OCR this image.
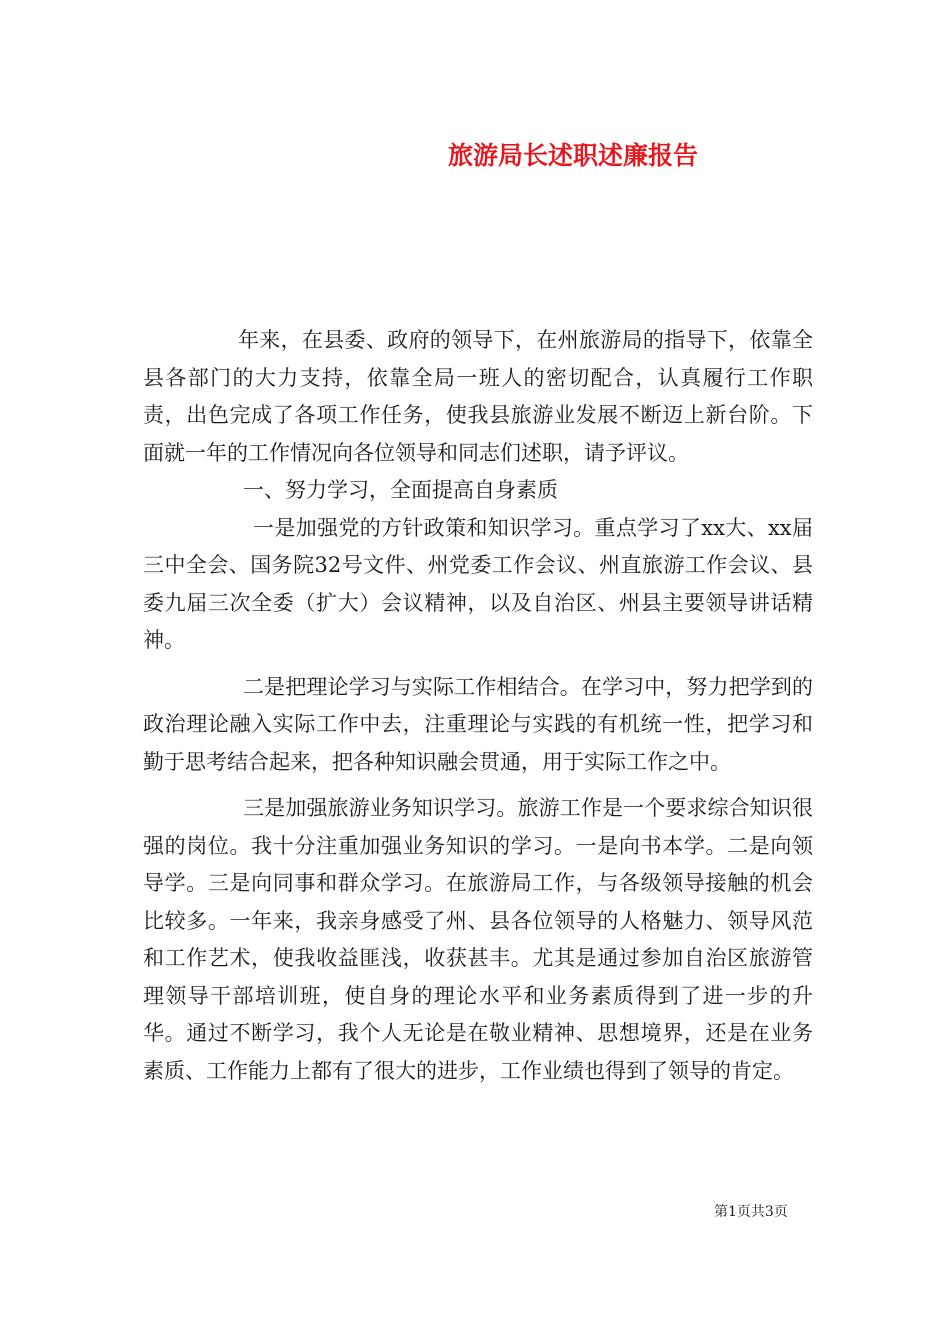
旅游局长述职述廉报告

年来，在县委、政府的领导下，在州旅游局的指导下，依靠全县各部门的大力支持，依靠全局一班人的密切配合，认真履行工作职责，出色完成了各项工作任务，使我县旅游业发展不断迈上新台阶。下面就一年的工作情况向各位领导和同志们述职，请予评议。

一、努力学习，全面提高自身素质

一是加强党的方针政策和知识学习。重点学习了xx大、xx届三中全会、国务院32号文件、州党委工作会议、州直旅游工作会议、县委九届三次全委（扩大）会议精神，以及自治区、州县主要领导讲话精神。

二是把理论学习与实际工作相结合。在学习中，努力把学到的政治理论融入实际工作中去，注重理论与实践的有机统一性，把学习和勤于思考结合起来，把各种知识融会贯通，用于实际工作之中。

三是加强旅游业务知识学习。旅游工作是一个要求综合知识很强的岗位。我十分注重加强业务知识的学习。一是向书本学。二是向领导学。三是向同事和群众学习。在旅游局工作，与各级领导接触的机会比较多。一年来，我亲身感受了州、县各位领导的人格魅力、领导风范和工作艺术，使我收益匪浅，收获甚丰。尤其是通过参加自治区旅游管理领导干部培训班，使自身的理论水平和业务素质得到了进一步的升华。通过不断学习，我个人无论是在敬业精神、思想境界，还是在业务素质、工作能力上都有了很大的进步，工作业绩也得到了领导的肯定。

第1页共3页
